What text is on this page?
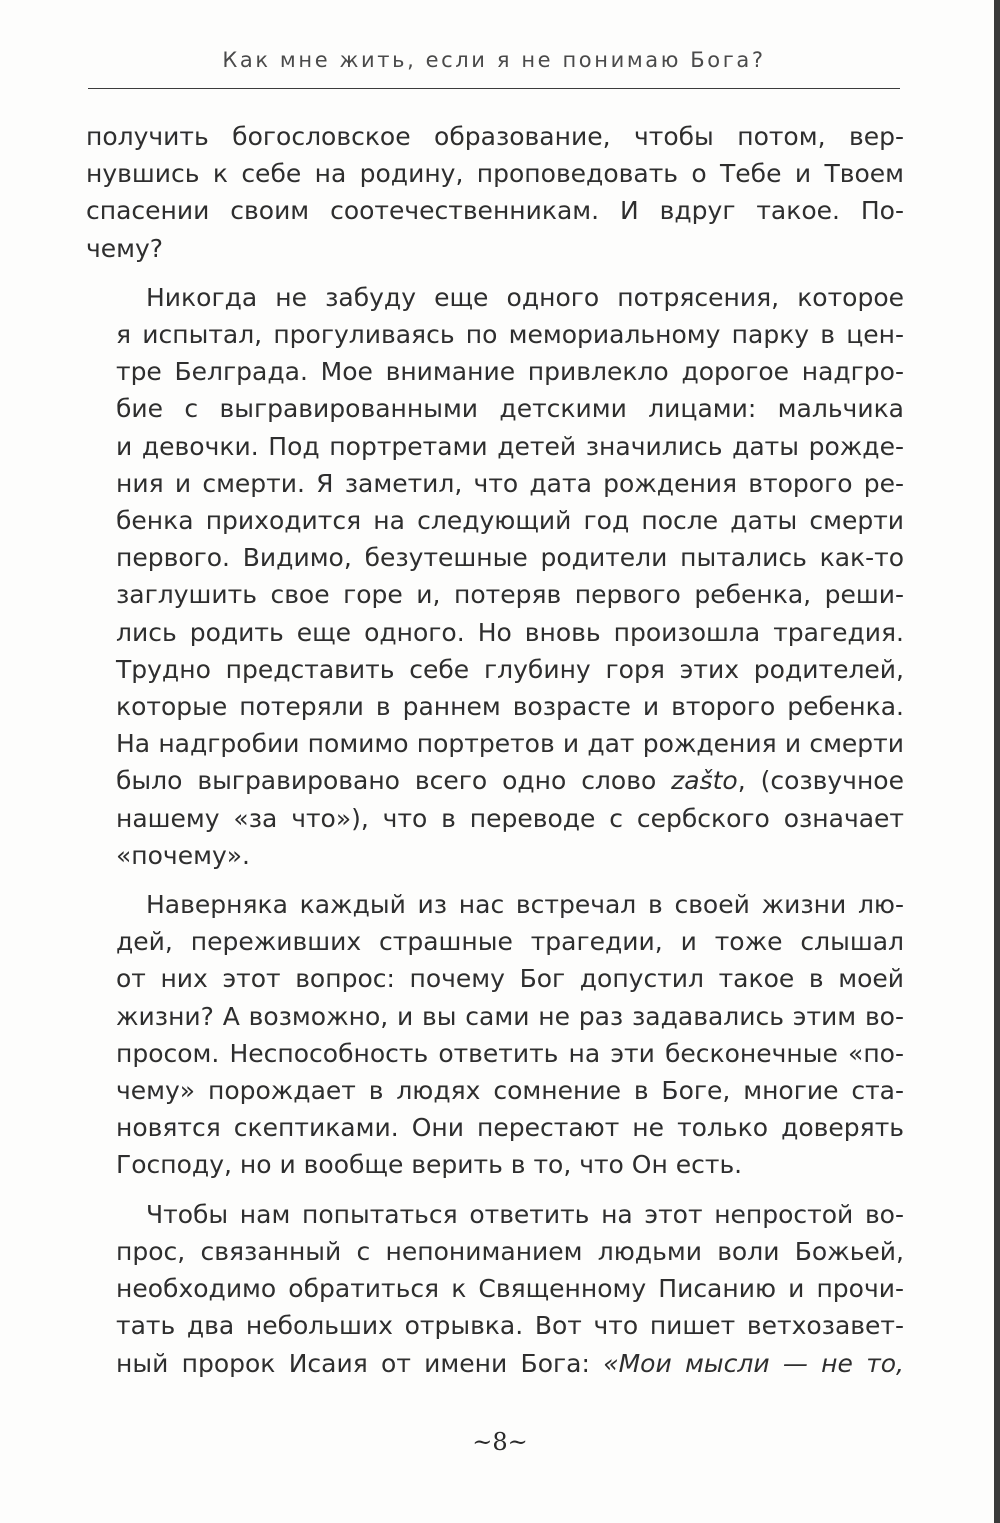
Как мне жить, если я не понимаю Бога?
получить богословское образование, чтобы потом, вер-
нувшись к себе на родину, проповедовать о Тебе и Твоем
спасении своим соотечественникам. И вдруг такое. По-
чему?
Никогда не забуду еще одного потрясения, которое
я испытал, прогуливаясь по мемориальному парку в цен-
тре Белграда. Мое внимание привлекло дорогое надгро-
бие с выгравированными детскими лицами: мальчика
и девочки. Под портретами детей значились даты рожде-
ния и смерти. Я заметил, что дата рождения второго ре-
бенка приходится на следующий год после даты смерти
первого. Видимо, безутешные родители пытались как-то
заглушить свое горе и, потеряв первого ребенка, реши-
лись родить еще одного. Но вновь произошла трагедия.
Трудно представить себе глубину горя этих родителей,
которые потеряли в раннем возрасте и второго ребенка.
На надгробии помимо портретов и дат рождения и смерти
было выгравировано всего одно слово zašto, (созвучное
нашему «за что»), что в переводе с сербского означает
«почему».
Наверняка каждый из нас встречал в своей жизни лю-
дей, переживших страшные трагедии, и тоже слышал
от них этот вопрос: почему Бог допустил такое в моей
жизни? А возможно, и вы сами не раз задавались этим во-
просом. Неспособность ответить на эти бесконечные «по-
чему» порождает в людях сомнение в Боге, многие ста-
новятся скептиками. Они перестают не только доверять
Господу, но и вообще верить в то, что Он есть.
Чтобы нам попытаться ответить на этот непростой во-
прос, связанный с непониманием людьми воли Божьей,
необходимо обратиться к Священному Писанию и прочи-
тать два небольших отрывка. Вот что пишет ветхозавет-
ный пророк Исаия от имени Бога: «Мои мысли — не то,
~8~
